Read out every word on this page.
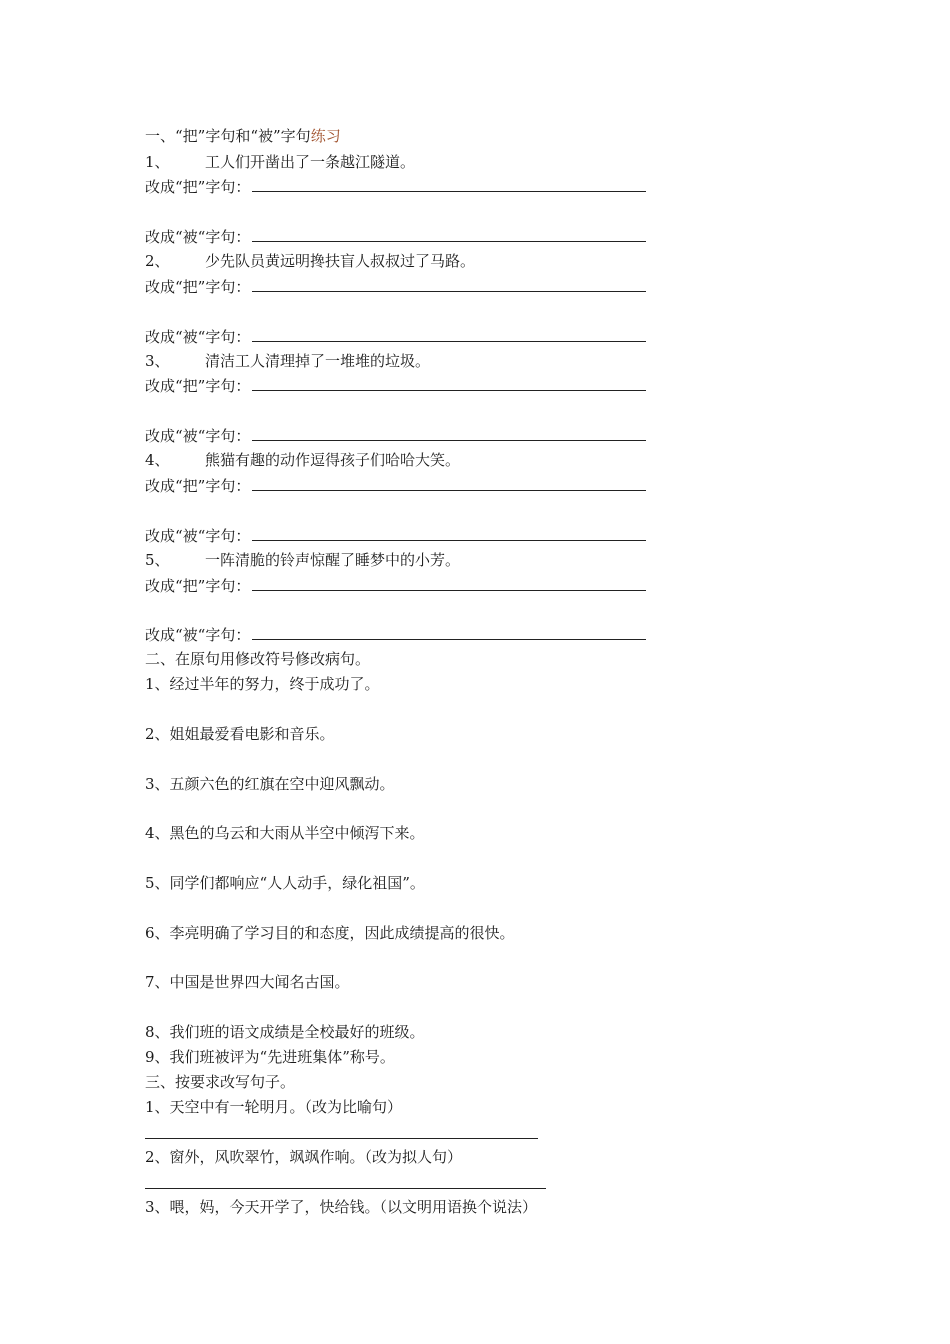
一、“把”字句和“被”字句练习
1、 工人们开凿出了一条越江隧道。
改成“把”字句：
改成“被“字句：
2、 少先队员黄远明搀扶盲人叔叔过了马路。
改成“把”字句：
改成“被“字句：
3、 清洁工人清理掉了一堆堆的垃圾。
改成“把”字句：
改成“被“字句：
4、 熊猫有趣的动作逗得孩子们哈哈大笑。
改成“把”字句：
改成“被“字句：
5、 一阵清脆的铃声惊醒了睡梦中的小芳。
改成“把”字句：
改成“被“字句：
二、在原句用修改符号修改病句。
1、经过半年的努力，终于成功了。
2、姐姐最爱看电影和音乐。
3、五颜六色的红旗在空中迎风飘动。
4、黑色的乌云和大雨从半空中倾泻下来。
5、同学们都响应“人人动手，绿化祖国”。
6、李亮明确了学习目的和态度，因此成绩提高的很快。
7、中国是世界四大闻名古国。
8、我们班的语文成绩是全校最好的班级。
9、我们班被评为“先进班集体”称号。
三、按要求改写句子。
1、天空中有一轮明月。（改为比喻句）
2、窗外，风吹翠竹，飒飒作响。（改为拟人句）
3、喂，妈，今天开学了，快给钱。（以文明用语换个说法）
